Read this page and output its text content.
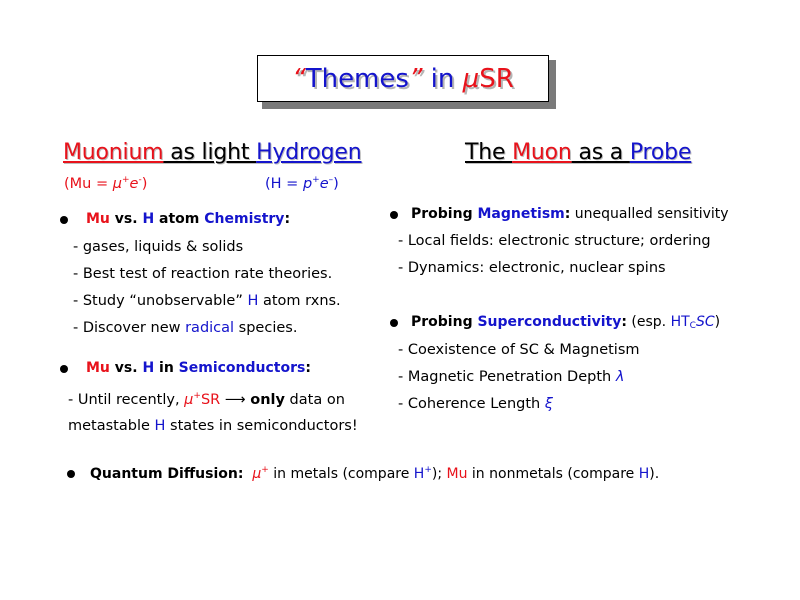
“ Themes ” in µ SR
Muonium as light Hydrogen
(Mu = µ+e-)	(H = p+e–)
Mu vs. H atom Chemistry:
- gases, liquids & solids
- Best test of reaction rate theories.
- Study “unobservable” H atom rxns.
- Discover new radical species.
Mu vs. H in Semiconductors:
- Until recently, µ+SR ⟶ only data on
metastable H states in semiconductors!
The Muon as a Probe
Probing Magnetism: unequalled sensitivity
- Local fields: electronic structure; ordering
- Dynamics: electronic, nuclear spins
Probing Superconductivity: (esp. $HT_CSC$)
- Coexistence of SC & Magnetism
- Magnetic Penetration Depth λ
- Coherence Length ξ
Quantum Diffusion: µ+ in metals (compare H+); Mu in nonmetals (compare H).
